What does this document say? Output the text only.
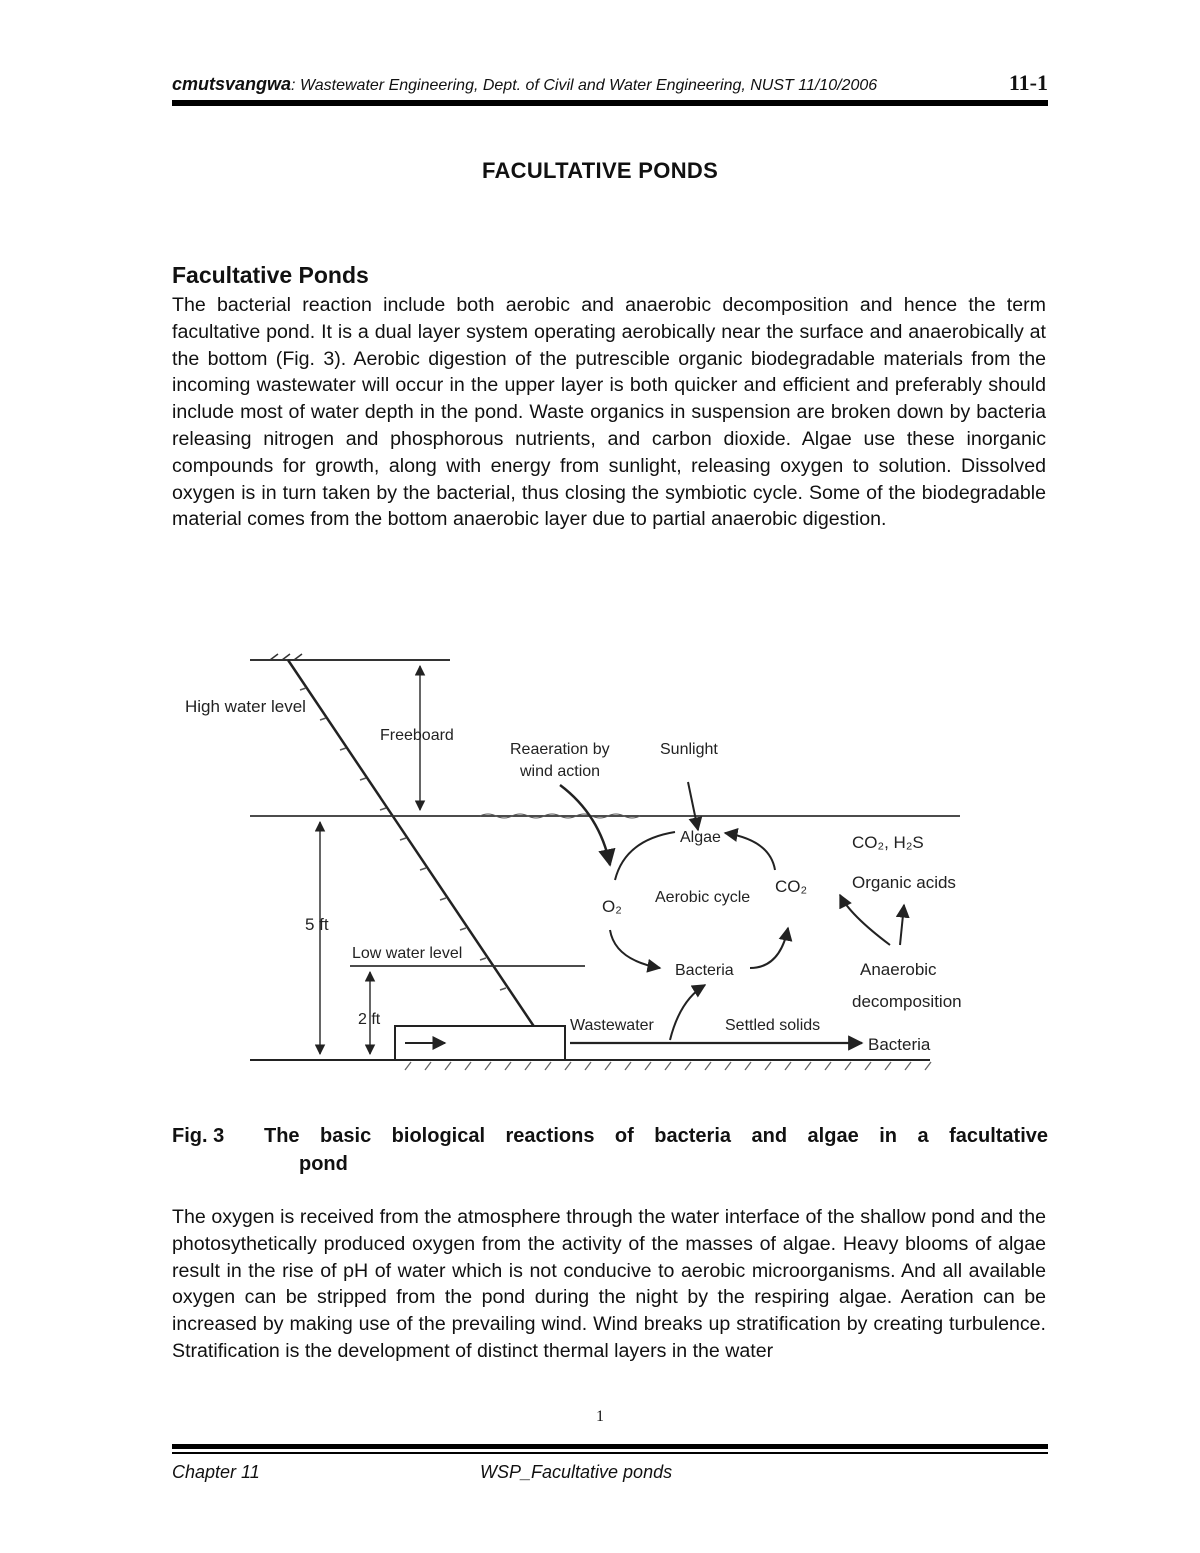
cmutsvangwa: Wastewater Engineering, Dept. of Civil and Water Engineering, NUST 11/10/2006	11-1
FACULTATIVE PONDS
Facultative Ponds

The bacterial reaction include both aerobic and anaerobic decomposition and hence the term facultative pond. It is a dual layer system operating aerobically near the surface and anaerobically at the bottom (Fig. 3). Aerobic digestion of the putrescible organic biodegradable materials from the incoming wastewater will occur in the upper layer is both quicker and efficient and preferably should include most of water depth in the pond. Waste organics in suspension are broken down by bacteria releasing nitrogen and phosphorous nutrients, and carbon dioxide. Algae use these inorganic compounds for growth, along with energy from sunlight, releasing oxygen to solution. Dissolved oxygen is in turn taken by the bacterial, thus closing the symbiotic cycle. Some of the biodegradable material comes from the bottom anaerobic layer due to partial anaerobic digestion.

High water level
Freeboard
Reaeration by
wind action
Sunlight
Algae	CO₂, H₂S
Organic acids
O₂ Aerobic cycle
CO₂
5 ft
Low water level
Bacteria	Anaerobic
decomposition
2 ft	Wastewater	Settled solids
Bacteria
Fig. 3 The basic biological reactions of bacteria and algae in a facultative
pond

The oxygen is received from the atmosphere through the water interface of the shallow pond and the photosythetically produced oxygen from the activity of the masses of algae. Heavy blooms of algae result in the rise of pH of water which is not conducive to aerobic microorganisms. And all available oxygen can be stripped from the pond during the night by the respiring algae. Aeration can be increased by making use of the prevailing wind. Wind breaks up stratification by creating turbulence. Stratification is the development of distinct thermal layers in the water

1
Chapter 11	WSP_Facultative ponds
